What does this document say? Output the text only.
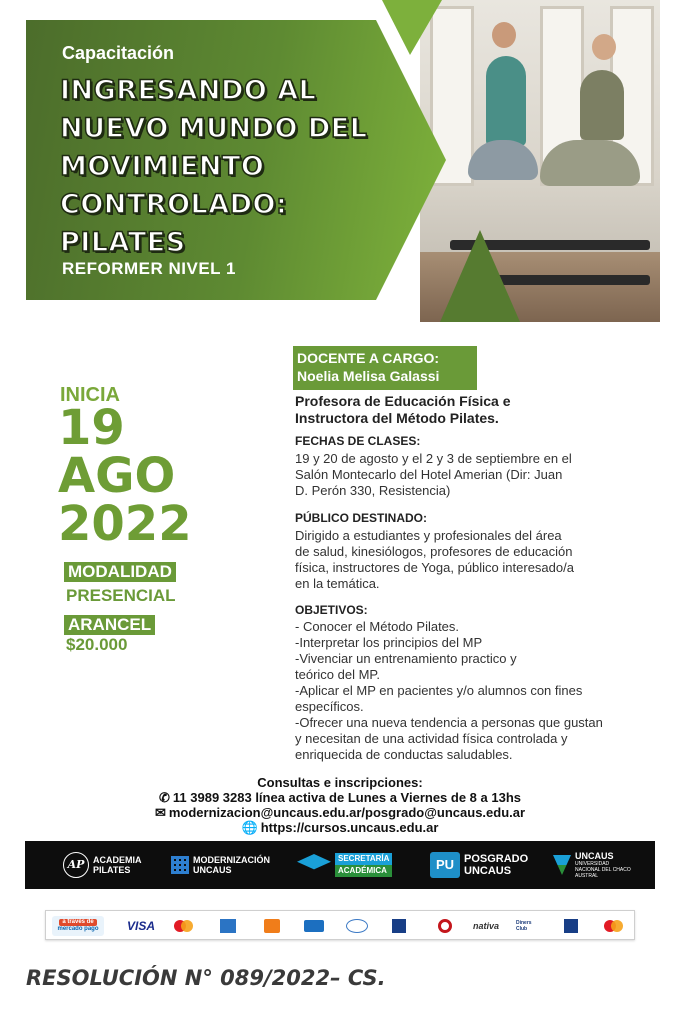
Capacitación
INGRESANDO AL
NUEVO MUNDO DEL
MOVIMIENTO
CONTROLADO:
PILATES
REFORMER NIVEL 1
INICIA
19
AGO
2022
MODALIDAD
PRESENCIAL
ARANCEL
$20.000
DOCENTE A CARGO:
Noelia Melisa Galassi
Profesora de Educación Física e
Instructora del Método Pilates.
FECHAS DE CLASES:
19 y 20 de agosto y el 2 y 3 de septiembre en el
Salón Montecarlo del Hotel Amerian (Dir: Juan
D. Perón 330, Resistencia)
PÚBLICO DESTINADO:
Dirigido a estudiantes y profesionales del área
de salud, kinesiólogos, profesores de educación
física, instructores de Yoga, público interesado/a
en la temática.
OBJETIVOS:
- Conocer el Método Pilates.
-Interpretar los principios del MP
-Vivenciar un entrenamiento practico y
teórico del MP.
-Aplicar el MP en pacientes y/o alumnos con fines
específicos.
-Ofrecer una nueva tendencia a personas que gustan
y necesitan de una actividad física controlada y
enriquecida de conductas saludables.
Consultas e inscripciones:
✆ 11 3989 3283 línea activa de Lunes a Viernes de 8 a 13hs
✉ modernizacion@uncaus.edu.ar/posgrado@uncaus.edu.ar
🌐 https://cursos.uncaus.edu.ar
AP ACADEMIA
PILATES
MODERNIZACIÓN
UNCAUS
SECRETARÍA
ACADÉMICA	PU POSGRADO
UNCAUS
UNCAUS
UNIVERSIDAD NACIONAL DEL CHACO AUSTRAL
a través de
mercado pago VISA	nativa	Diners Club
RESOLUCIÓN N° 089/2022– CS.
